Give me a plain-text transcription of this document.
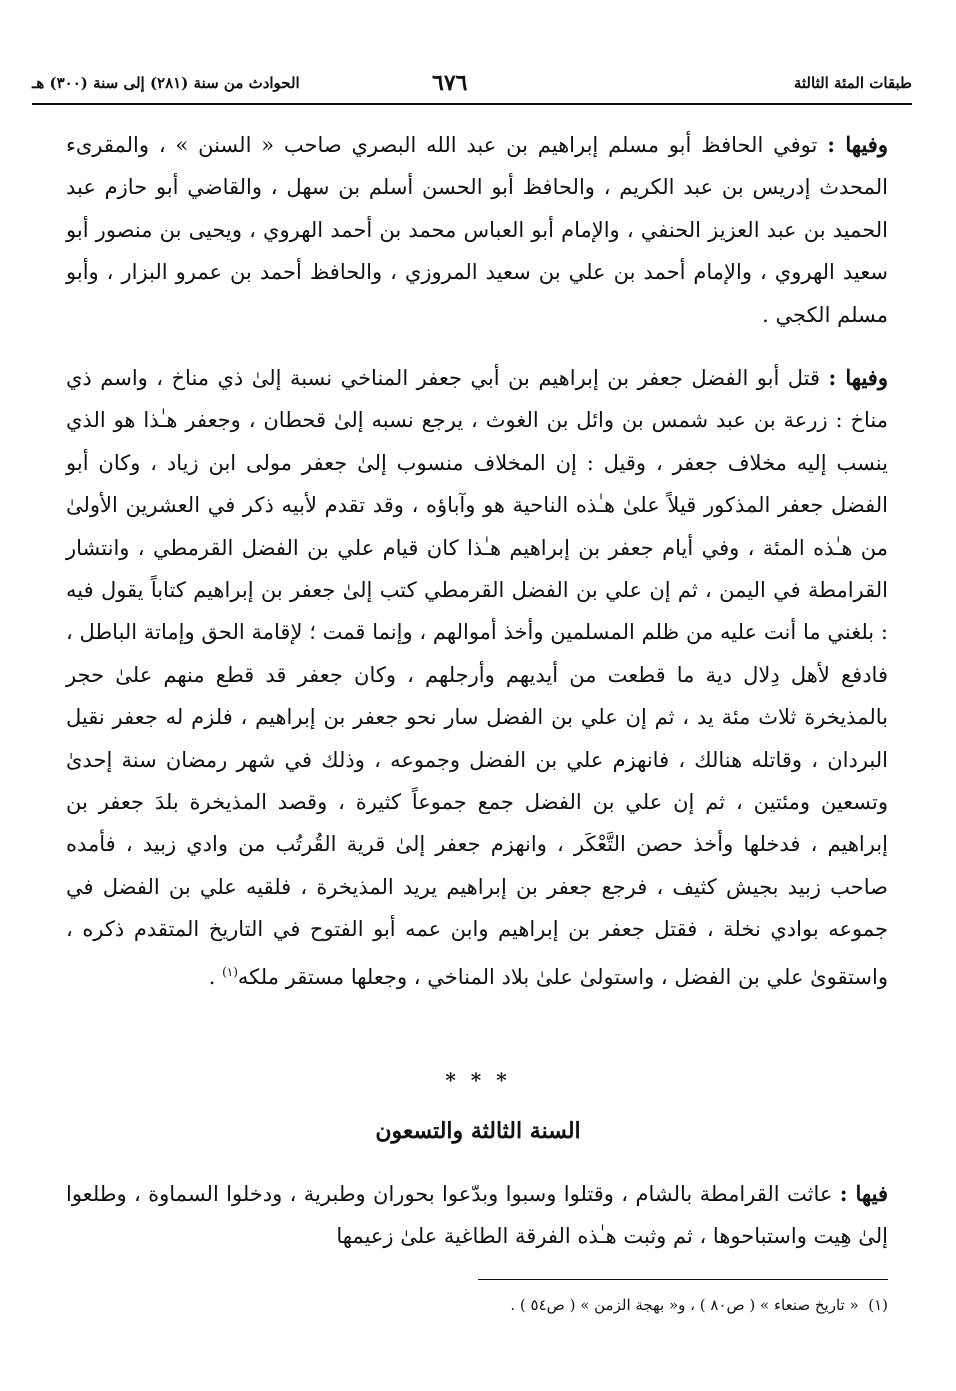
طبقات المئة الثالثة
٦٧٦
الحوادث من سنة (٢٨١) إلى سنة (٣٠٠) هـ

وفيها : توفي الحافظ أبو مسلم إبراهيم بن عبد الله البصري صاحب « السنن » ، والمقرىء المحدث إدريس بن عبد الكريم ، والحافظ أبو الحسن أسلم بن سهل ، والقاضي أبو حازم عبد الحميد بن عبد العزيز الحنفي ، والإمام أبو العباس محمد بن أحمد الهروي ، ويحيى بن منصور أبو سعيد الهروي ، والإمام أحمد بن علي بن سعيد المروزي ، والحافظ أحمد بن عمرو البزار ، وأبو مسلم الكجي .

وفيها : قتل أبو الفضل جعفر بن إبراهيم بن أبي جعفر المناخي نسبة إلىٰ ذي مناخ ، واسم ذي مناخ : زرعة بن عبد شمس بن وائل بن الغوث ، يرجع نسبه إلىٰ قحطان ، وجعفر هـٰذا هو الذي ينسب إليه مخلاف جعفر ، وقيل : إن المخلاف منسوب إلىٰ جعفر مولى ابن زياد ، وكان أبو الفضل جعفر المذكور قيلاً علىٰ هـٰذه الناحية هو وآباؤه ، وقد تقدم لأبيه ذكر في العشرين الأولىٰ من هـٰذه المئة ، وفي أيام جعفر بن إبراهيم هـٰذا كان قيام علي بن الفضل القرمطي ، وانتشار القرامطة في اليمن ، ثم إن علي بن الفضل القرمطي كتب إلىٰ جعفر بن إبراهيم كتاباً يقول فيه : بلغني ما أنت عليه من ظلم المسلمين وأخذ أموالهم ، وإنما قمت ؛ لإقامة الحق وإماتة الباطل ، فادفع لأهل دِلال دية ما قطعت من أيديهم وأرجلهم ، وكان جعفر قد قطع منهم علىٰ حجر بالمذيخرة ثلاث مئة يد ، ثم إن علي بن الفضل سار نحو جعفر بن إبراهيم ، فلزم له جعفر نقيل البردان ، وقاتله هنالك ، فانهزم علي بن الفضل وجموعه ، وذلك في شهر رمضان سنة إحدىٰ وتسعين ومئتين ، ثم إن علي بن الفضل جمع جموعاً كثيرة ، وقصد المذيخرة بلدَ جعفر بن إبراهيم ، فدخلها وأخذ حصن التَّعْكَر ، وانهزم جعفر إلىٰ قرية القُرتُب من وادي زبيد ، فأمده صاحب زبيد بجيش كثيف ، فرجع جعفر بن إبراهيم يريد المذيخرة ، فلقيه علي بن الفضل في جموعه بوادي نخلة ، فقتل جعفر بن إبراهيم وابن عمه أبو الفتوح في التاريخ المتقدم ذكره ، واستقوىٰ علي بن الفضل ، واستولىٰ علىٰ بلاد المناخي ، وجعلها مستقر ملكه$^{(١)}$ .

* * *
السنة الثالثة والتسعون

فيها : عاثت القرامطة بالشام ، وقتلوا وسبوا وبدّعوا بحوران وطبرية ، ودخلوا السماوة ، وطلعوا إلىٰ هِيت واستباحوها ، ثم وثبت هـٰذه الفرقة الطاغية علىٰ زعيمها

(١)  « تاريخ صنعاء » ( ص٨٠ ) ، و« بهجة الزمن » ( ص٥٤ ) .
